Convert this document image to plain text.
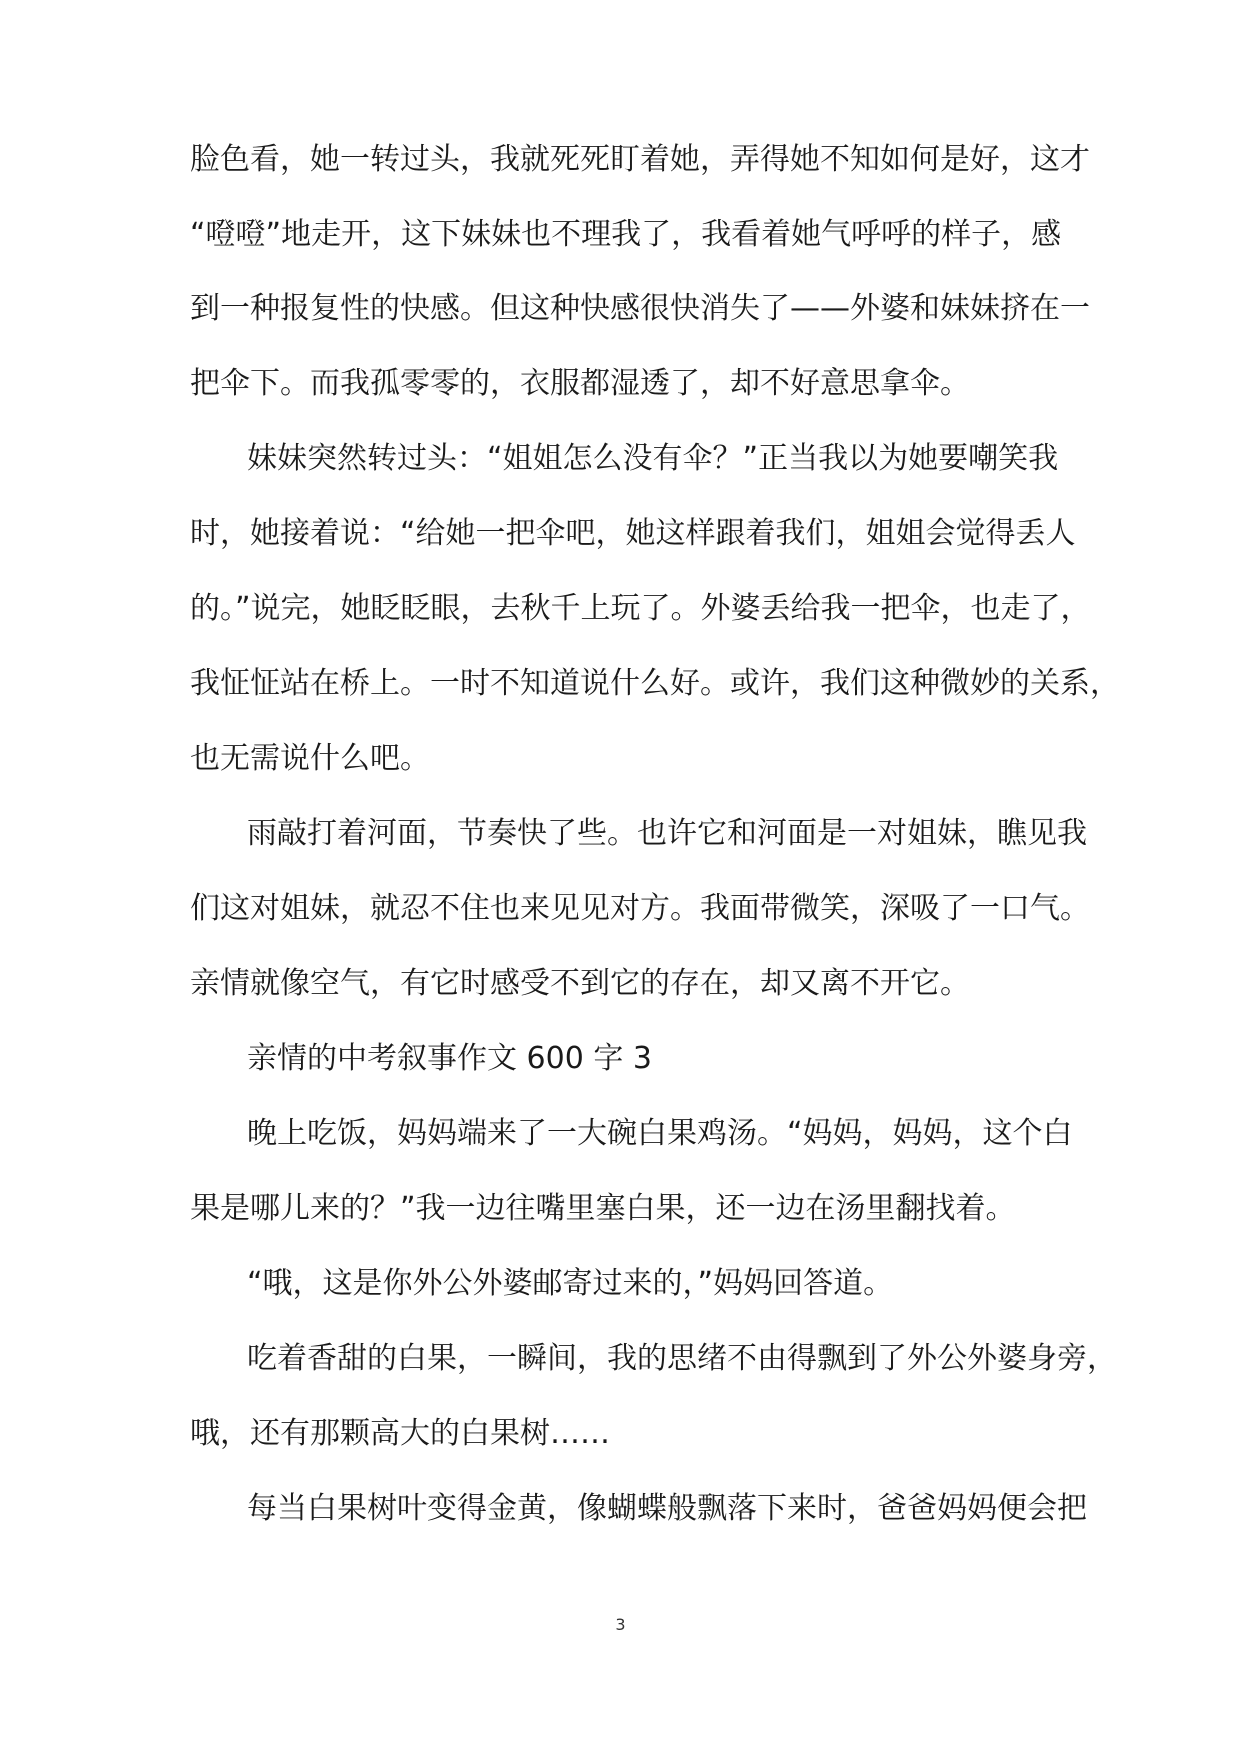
脸色看，她一转过头，我就死死盯着她，弄得她不知如何是好，这才
“噔噔”地走开，这下妹妹也不理我了，我看着她气呼呼的样子，感
到一种报复性的快感。但这种快感很快消失了——外婆和妹妹挤在一
把伞下。而我孤零零的，衣服都湿透了，却不好意思拿伞。
妹妹突然转过头：“姐姐怎么没有伞？”正当我以为她要嘲笑我
时，她接着说：“给她一把伞吧，她这样跟着我们，姐姐会觉得丢人
的。”说完，她眨眨眼，去秋千上玩了。外婆丢给我一把伞，也走了，
我怔怔站在桥上。一时不知道说什么好。或许，我们这种微妙的关系，
也无需说什么吧。
雨敲打着河面，节奏快了些。也许它和河面是一对姐妹，瞧见我
们这对姐妹，就忍不住也来见见对方。我面带微笑，深吸了一口气。
亲情就像空气，有它时感受不到它的存在，却又离不开它。
亲情的中考叙事作文 600 字 3
晚上吃饭，妈妈端来了一大碗白果鸡汤。“妈妈，妈妈，这个白
果是哪儿来的？”我一边往嘴里塞白果，还一边在汤里翻找着。
“哦，这是你外公外婆邮寄过来的，”妈妈回答道。
吃着香甜的白果，一瞬间，我的思绪不由得飘到了外公外婆身旁，
哦，还有那颗高大的白果树……
每当白果树叶变得金黄，像蝴蝶般飘落下来时，爸爸妈妈便会把
3
